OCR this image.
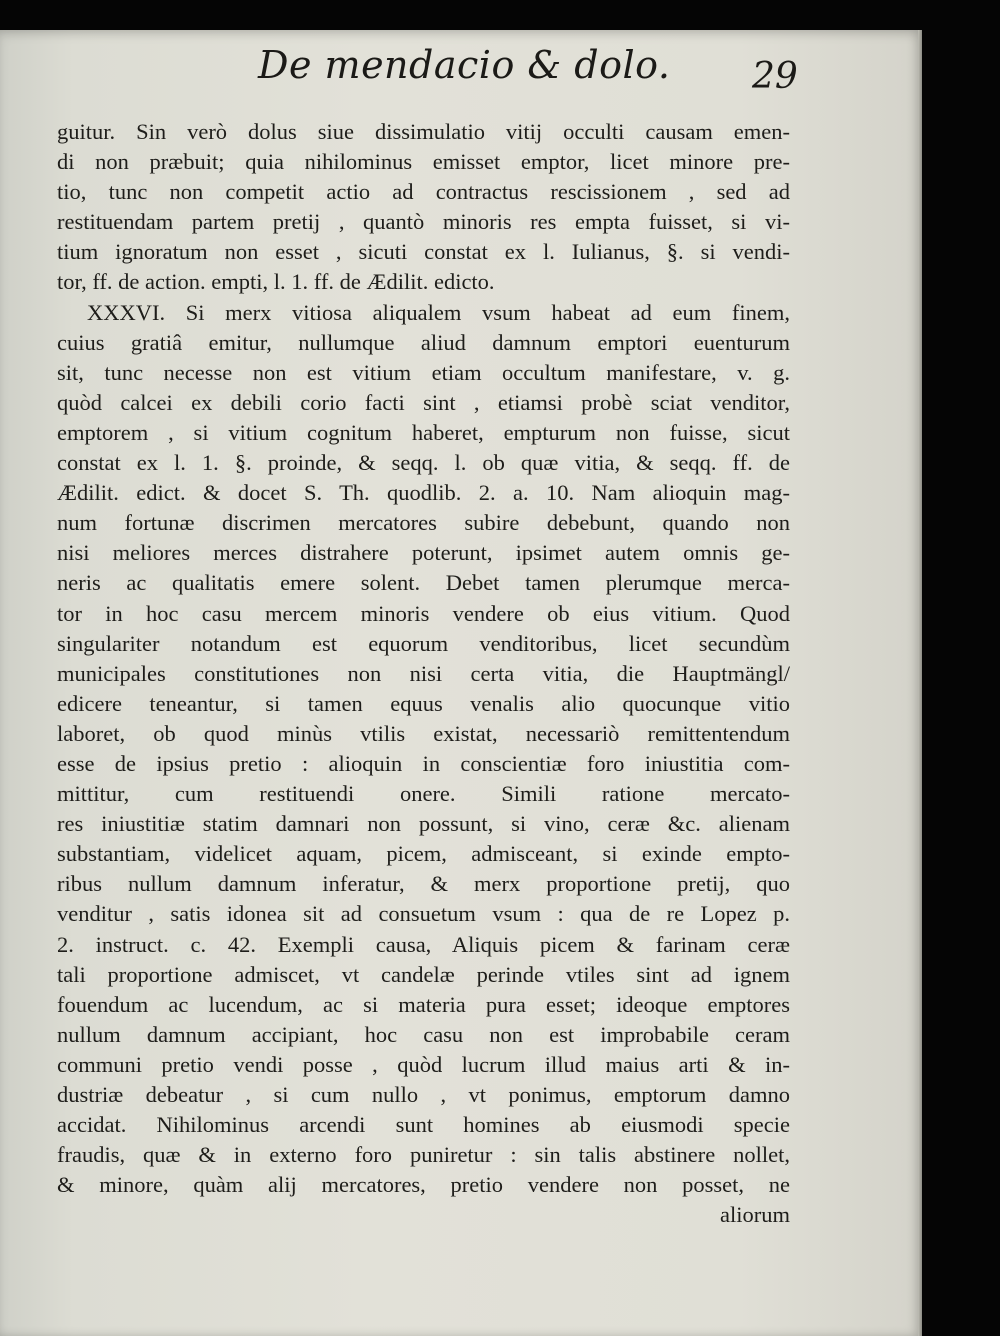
De mendacio & dolo. 29
guitur. Sin verò dolus siue dissimulatio vitij occulti causam emen-
di non præbuit; quia nihilominus emisset emptor, licet minore pre-
tio, tunc non competit actio ad contractus rescissionem , sed ad
restituendam partem pretij , quantò minoris res empta fuisset, si vi-
tium ignoratum non esset , sicuti constat ex l. Iulianus, §. si vendi-
tor, ff. de action. empti, l. 1. ff. de Ædilit. edicto.
XXXVI. Si merx vitiosa aliqualem vsum habeat ad eum finem,
cuius gratiâ emitur, nullumque aliud damnum emptori euenturum
sit, tunc necesse non est vitium etiam occultum manifestare, v. g.
quòd calcei ex debili corio facti sint , etiamsi probè sciat venditor,
emptorem , si vitium cognitum haberet, empturum non fuisse, sicut
constat ex l. 1. §. proinde, & seqq. l. ob quæ vitia, & seqq. ff. de
Ædilit. edict. & docet S. Th. quodlib. 2. a. 10. Nam alioquin mag-
num fortunæ discrimen mercatores subire debebunt, quando non
nisi meliores merces distrahere poterunt, ipsimet autem omnis ge-
neris ac qualitatis emere solent. Debet tamen plerumque merca-
tor in hoc casu mercem minoris vendere ob eius vitium. Quod
singulariter notandum est equorum venditoribus, licet secundùm
municipales constitutiones non nisi certa vitia, die Hauptmängl/
edicere teneantur, si tamen equus venalis alio quocunque vitio
laboret, ob quod minùs vtilis existat, necessariò remittentendum
esse de ipsius pretio : alioquin in conscientiæ foro iniustitia com-
mittitur, cum restituendi onere. Simili ratione mercato-
res iniustitiæ statim damnari non possunt, si vino, ceræ &c. alienam
substantiam, videlicet aquam, picem, admisceant, si exinde empto-
ribus nullum damnum inferatur, & merx proportione pretij, quo
venditur , satis idonea sit ad consuetum vsum : qua de re Lopez p.
2. instruct. c. 42. Exempli causa, Aliquis picem & farinam ceræ
tali proportione admiscet, vt candelæ perinde vtiles sint ad ignem
fouendum ac lucendum, ac si materia pura esset; ideoque emptores
nullum damnum accipiant, hoc casu non est improbabile ceram
communi pretio vendi posse , quòd lucrum illud maius arti & in-
dustriæ debeatur , si cum nullo , vt ponimus, emptorum damno
accidat. Nihilominus arcendi sunt homines ab eiusmodi specie
fraudis, quæ & in externo foro puniretur : sin talis abstinere nollet,
& minore, quàm alij mercatores, pretio vendere non posset, ne
aliorum
